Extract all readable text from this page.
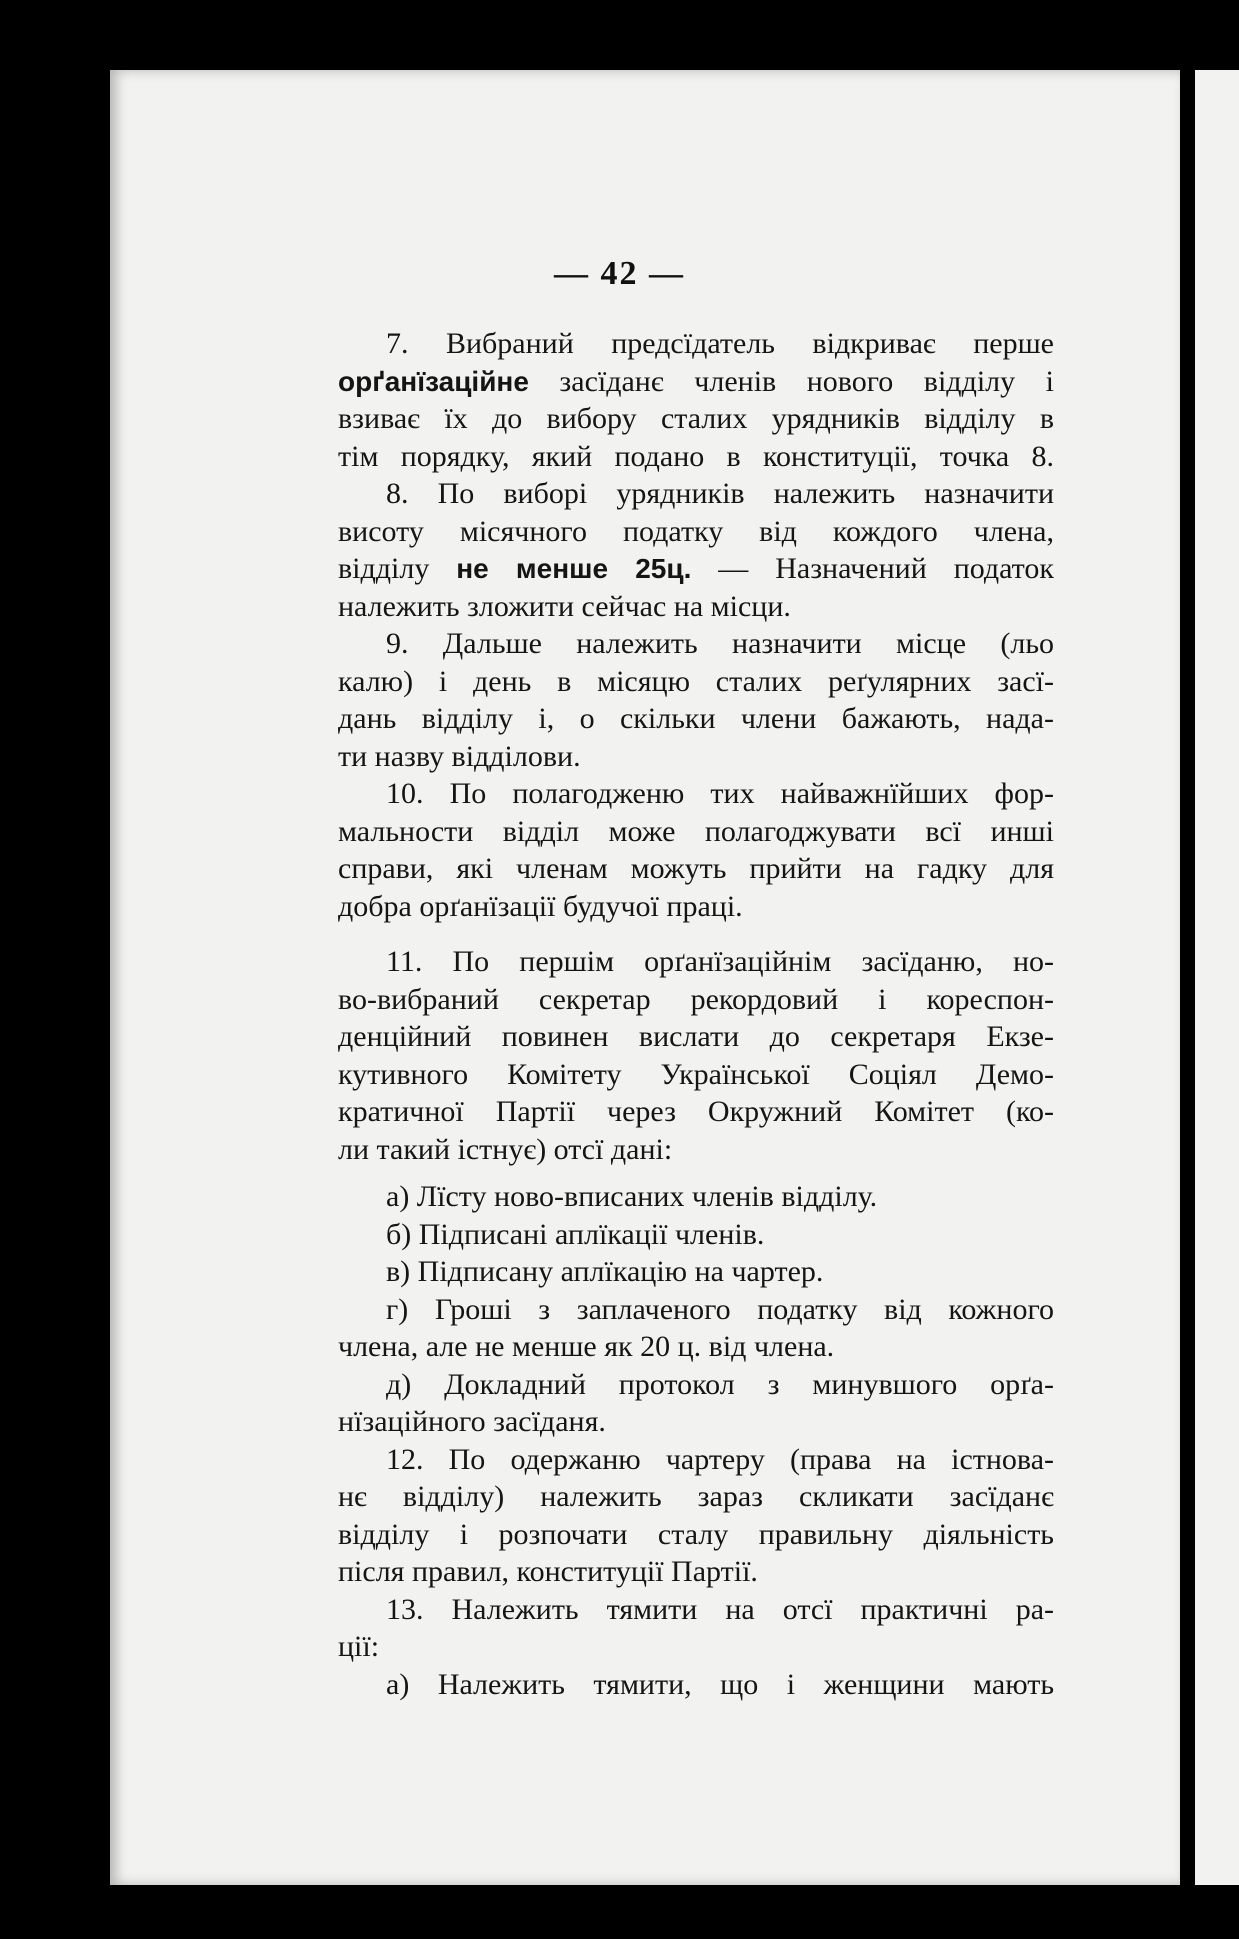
— 42 —
7. Вибраний предсїдатель відкриває перше
орґанїзаційне засїданє членів нового відділу і
взиває їх до вибору сталих урядників відділу в
тім порядку, який подано в конституції, точка 8.
8. По виборі урядників належить назначити
висоту місячного податку від кождого члена,
відділу не менше 25ц. — Назначений податок
належить зложити сейчас на місци.
9. Дальше належить назначити місце (льо
калю) і день в місяцю сталих реґулярних засї-
дань відділу і, о скільки члени бажають, нада-
ти назву відділови.
10. По полагодженю тих найважнїйших фор-
мальности відділ може полагоджувати всї инші
справи, які членам можуть прийти на гадку для
добра орґанїзації будучої праці.
11. По першім орґанїзаційнім засїданю, но-
во-вибраний секретар рекордовий і кореспон-
денційний повинен вислати до секретаря Екзе-
кутивного Комітету Української Соціял Демо-
кратичної Партії через Окружний Комітет (ко-
ли такий істнує) отсї дані:
а) Лїсту ново-вписаних членів відділу.
б) Підписані аплїкації членів.
в) Підписану аплїкацію на чартер.
г) Гроші з заплаченого податку від кожного
члена, але не менше як 20 ц. від члена.
д) Докладний протокол з минувшого орґа-
нїзаційного засїданя.
12. По одержаню чартеру (права на істнова-
нє відділу) належить зараз скликати засїданє
відділу і розпочати сталу правильну діяльність
після правил, конституції Партії.
13. Належить тямити на отсї практичні ра-
ції:
а) Належить тямити, що і женщини мають
